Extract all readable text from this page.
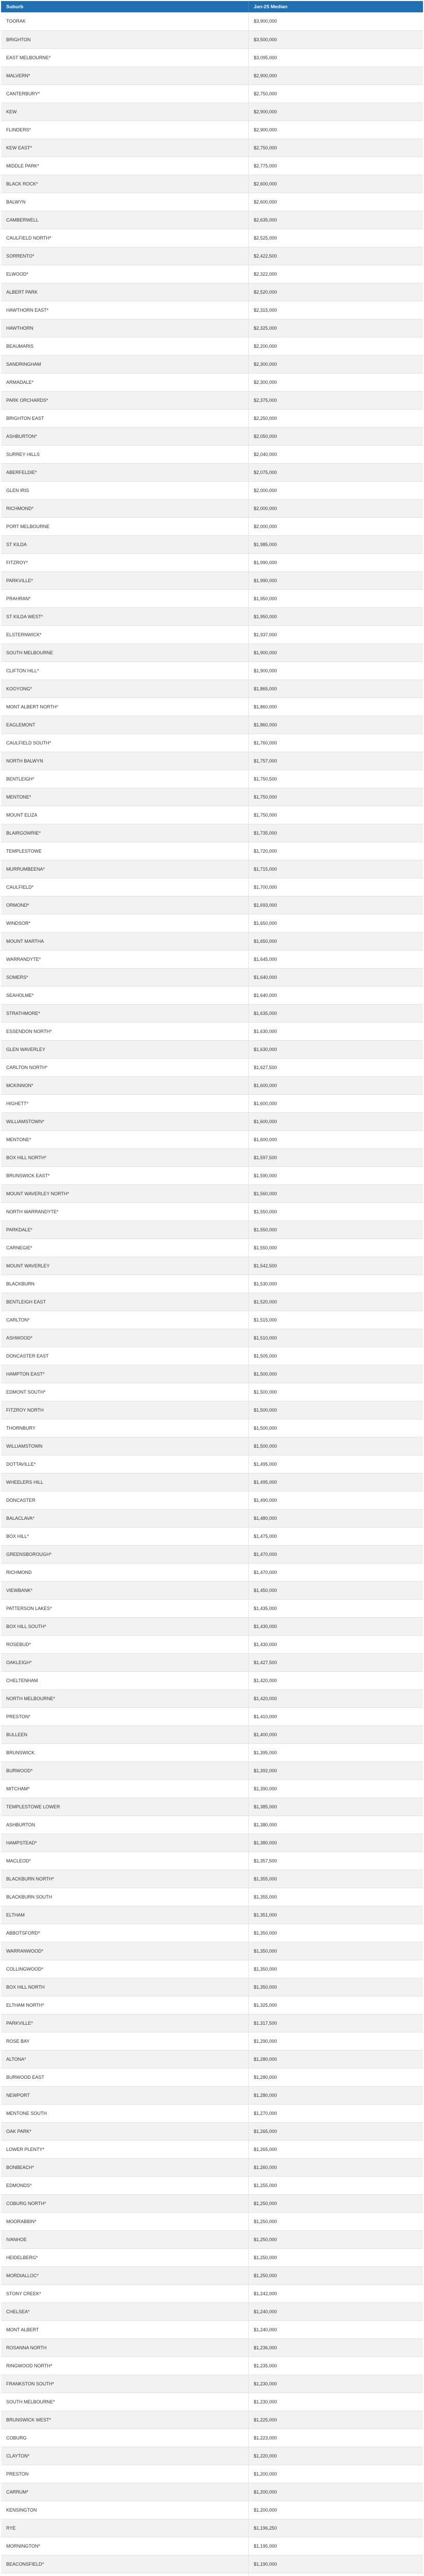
Suburb	Jan-25 Median
TOORAK	$3,900,000
BRIGHTON	$3,500,000
EAST MELBOURNE*	$3,095,000
MALVERN*	$2,900,000
CANTERBURY*	$2,750,000
KEW	$2,900,000
FLINDERS*	$2,900,000
KEW EAST*	$2,750,000
MIDDLE PARK*	$2,775,000
BLACK ROCK*	$2,600,000
BALWYN	$2,600,000
CAMBERWELL	$2,635,000
CAULFIELD NORTH*	$2,525,000
SORRENTO*	$2,422,500
ELWOOD*	$2,322,000
ALBERT PARK	$2,520,000
HAWTHORN EAST*	$2,315,000
HAWTHORN	$2,325,000
BEAUMARIS	$2,200,000
SANDRINGHAM	$2,300,000
ARMADALE*	$2,300,000
PARK ORCHARDS*	$2,375,000
BRIGHTON EAST	$2,250,000
ASHBURTON*	$2,050,000
SURREY HILLS	$2,040,000
ABERFELDIE*	$2,075,000
GLEN IRIS	$2,000,000
RICHMOND*	$2,000,000
PORT MELBOURNE	$2,000,000
ST KILDA	$1,985,000
FITZROY*	$1,990,000
PARKVILLE*	$1,990,000
PRAHRAN*	$1,950,000
ST KILDA WEST*	$1,950,000
ELSTERNWICK*	$1,937,000
SOUTH MELBOURNE	$1,900,000
CLIFTON HILL*	$1,900,000
KOOYONG*	$1,865,000
MONT ALBERT NORTH*	$1,860,000
EAGLEMONT	$1,860,000
CAULFIELD SOUTH*	$1,760,000
NORTH BALWYN	$1,757,000
BENTLEIGH*	$1,750,500
MENTONE*	$1,750,000
MOUNT ELIZA	$1,750,000
BLAIRGOWRIE*	$1,735,000
TEMPLESTOWE	$1,720,000
MURRUMBEENA*	$1,715,000
CAULFIELD*	$1,700,000
ORMOND*	$1,693,000
WINDSOR*	$1,650,000
MOUNT MARTHA	$1,650,000
WARRANDYTE*	$1,645,000
SOMERS*	$1,640,000
SEAHOLME*	$1,640,000
STRATHMORE*	$1,635,000
ESSENDON NORTH*	$1,630,000
GLEN WAVERLEY	$1,630,000
CARLTON NORTH*	$1,627,500
MCKINNON*	$1,600,000
HIGHETT*	$1,600,000
WILLIAMSTOWN*	$1,600,000
MENTONE*	$1,600,000
BOX HILL NORTH*	$1,597,500
BRUNSWICK EAST*	$1,590,000
MOUNT WAVERLEY NORTH*	$1,560,000
NORTH WARRANDYTE*	$1,550,000
PARKDALE*	$1,550,000
CARNEGIE*	$1,550,000
MOUNT WAVERLEY	$1,542,500
BLACKBURN	$1,530,000
BENTLEIGH EAST	$1,520,000
CARLTON*	$1,515,000
ASHWOOD*	$1,510,000
DONCASTER EAST	$1,505,000
HAMPTON EAST*	$1,500,000
EDMONT SOUTH*	$1,500,000
FITZROY NORTH	$1,500,000
THORNBURY	$1,500,000
WILLIAMSTOWN	$1,500,000
DOTTAVILLE*	$1,495,000
WHEELERS HILL	$1,495,000
DONCASTER	$1,490,000
BALACLAVA*	$1,480,000
BOX HILL*	$1,475,000
GREENSBOROUGH*	$1,470,000
RICHMOND	$1,470,000
VIEWBANK*	$1,450,000
PATTERSON LAKES*	$1,435,000
BOX HILL SOUTH*	$1,430,000
ROSEBUD*	$1,430,000
OAKLEIGH*	$1,427,500
CHELTENHAM	$1,420,000
NORTH MELBOURNE*	$1,420,000
PRESTON*	$1,410,000
BULLEEN	$1,400,000
BRUNSWICK	$1,395,000
BURWOOD*	$1,392,000
MITCHAM*	$1,390,000
TEMPLESTOWE LOWER	$1,385,000
ASHBURTON	$1,380,000
HAMPSTEAD*	$1,380,000
MACLEOD*	$1,357,500
BLACKBURN NORTH*	$1,355,000
BLACKBURN SOUTH	$1,355,000
ELTHAM	$1,351,000
ABBOTSFORD*	$1,350,000
WARRANWOOD*	$1,350,000
COLLINGWOOD*	$1,350,000
BOX HILL NORTH	$1,350,000
ELTHAM NORTH*	$1,325,000
PARKVILLE*	$1,317,500
ROSE BAY	$1,290,000
ALTONA*	$1,280,000
BURWOOD EAST	$1,280,000
NEWPORT	$1,280,000
MENTONE SOUTH	$1,270,000
OAK PARK*	$1,265,000
LOWER PLENTY*	$1,265,000
BONBEACH*	$1,260,000
EDMONDS*	$1,255,000
COBURG NORTH*	$1,250,000
MOORABBIN*	$1,250,000
IVANHOE	$1,250,000
HEIDELBERG*	$1,250,000
MORDIALLOC*	$1,250,000
STONY CREEK*	$1,242,000
CHELSEA*	$1,240,000
MONT ALBERT	$1,240,000
ROSANNA NORTH	$1,236,000
RINGWOOD NORTH*	$1,235,000
FRANKSTON SOUTH*	$1,230,000
SOUTH MELBOURNE*	$1,230,000
BRUNSWICK WEST*	$1,225,000
COBURG	$1,223,000
CLAYTON*	$1,220,000
PRESTON	$1,200,000
CARRUM*	$1,200,000
KENSINGTON	$1,200,000
RYE	$1,196,250
MORNINGTON*	$1,195,000
BEACONSFIELD*	$1,190,000
